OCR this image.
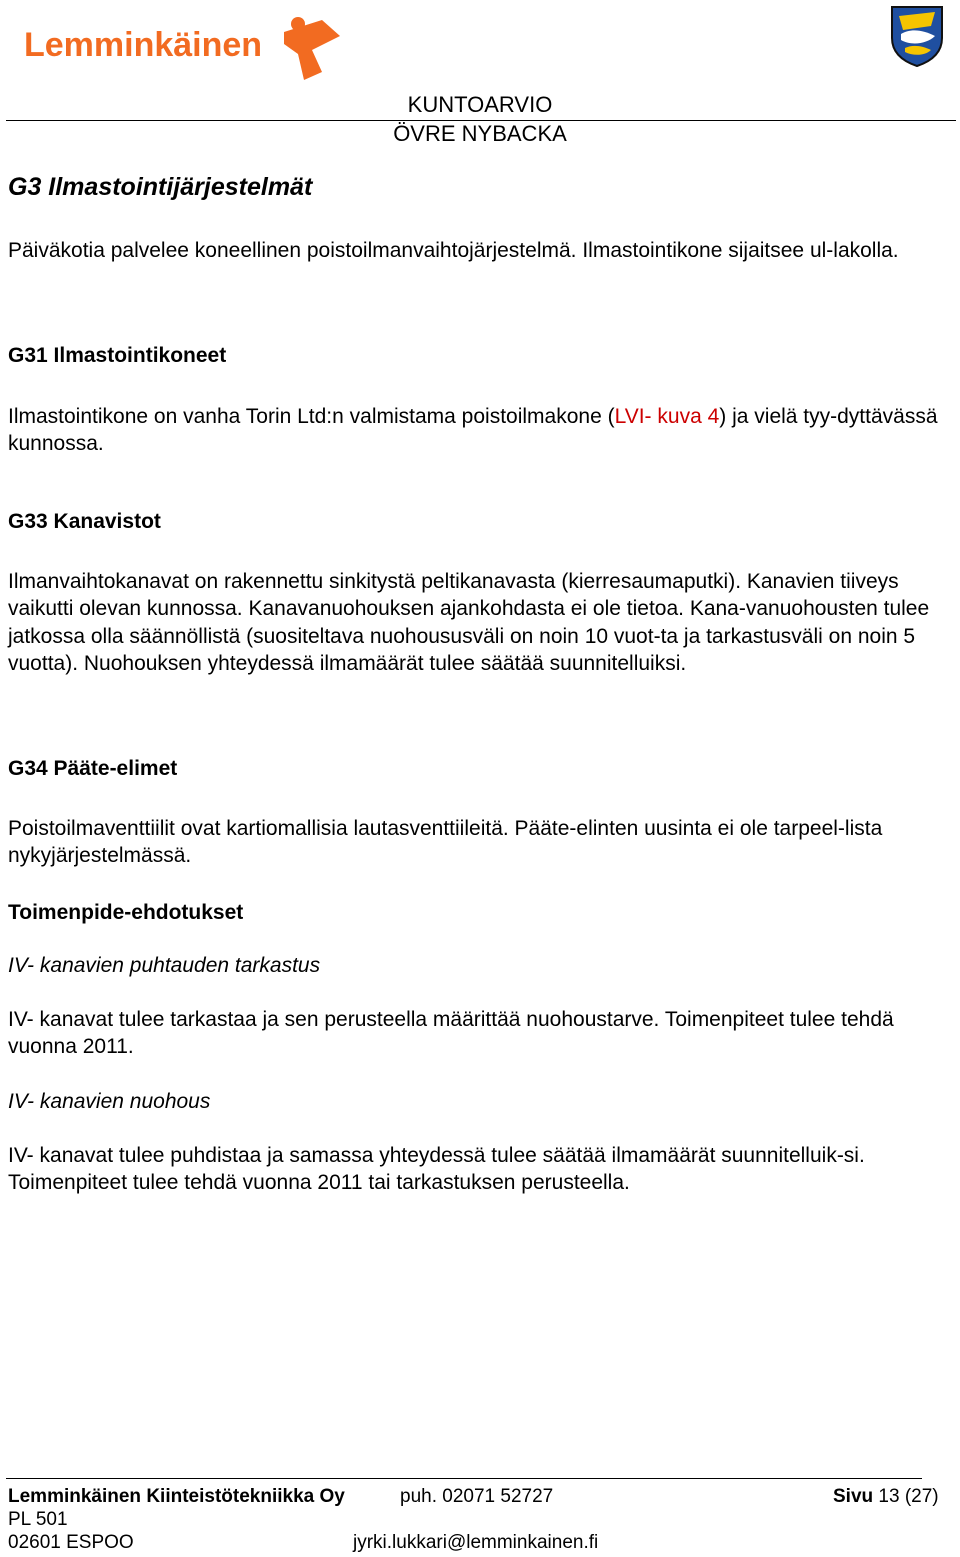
Lemminkäinen
KUNTOARVIO
ÖVRE NYBACKA
G3 Ilmastointijärjestelmät

Päiväkotia palvelee koneellinen poistoilmanvaihtojärjestelmä. Ilmastointikone sijaitsee ul-lakolla.

G31 Ilmastointikoneet

Ilmastointikone on vanha Torin Ltd:n valmistama poistoilmakone (LVI- kuva 4) ja vielä tyy-dyttävässä kunnossa.

G33 Kanavistot

Ilmanvaihtokanavat on rakennettu sinkitystä peltikanavasta (kierresaumaputki). Kanavien tiiveys vaikutti olevan kunnossa. Kanavanuohouksen ajankohdasta ei ole tietoa. Kana-vanuohousten tulee jatkossa olla säännöllistä (suositeltava nuohoususväli on noin 10 vuot-ta ja tarkastusväli on noin 5 vuotta). Nuohouksen yhteydessä ilmamäärät tulee säätää suunnitelluiksi.

G34 Pääte-elimet

Poistoilmaventtiilit ovat kartiomallisia lautasventtiileitä. Pääte-elinten uusinta ei ole tarpeel-lista nykyjärjestelmässä.

Toimenpide-ehdotukset

IV- kanavien puhtauden tarkastus

IV- kanavat tulee tarkastaa ja sen perusteella määrittää nuohoustarve. Toimenpiteet tulee tehdä vuonna 2011.

IV- kanavien nuohous

IV- kanavat tulee puhdistaa ja samassa yhteydessä tulee säätää ilmamäärät suunnitelluik-si. Toimenpiteet tulee tehdä vuonna 2011 tai tarkastuksen perusteella.

Lemminkäinen Kiinteistötekniikka Oy	puh. 02071 52727	Sivu 13 (27)
PL 501
02601 ESPOO	jyrki.lukkari@lemminkainen.fi
